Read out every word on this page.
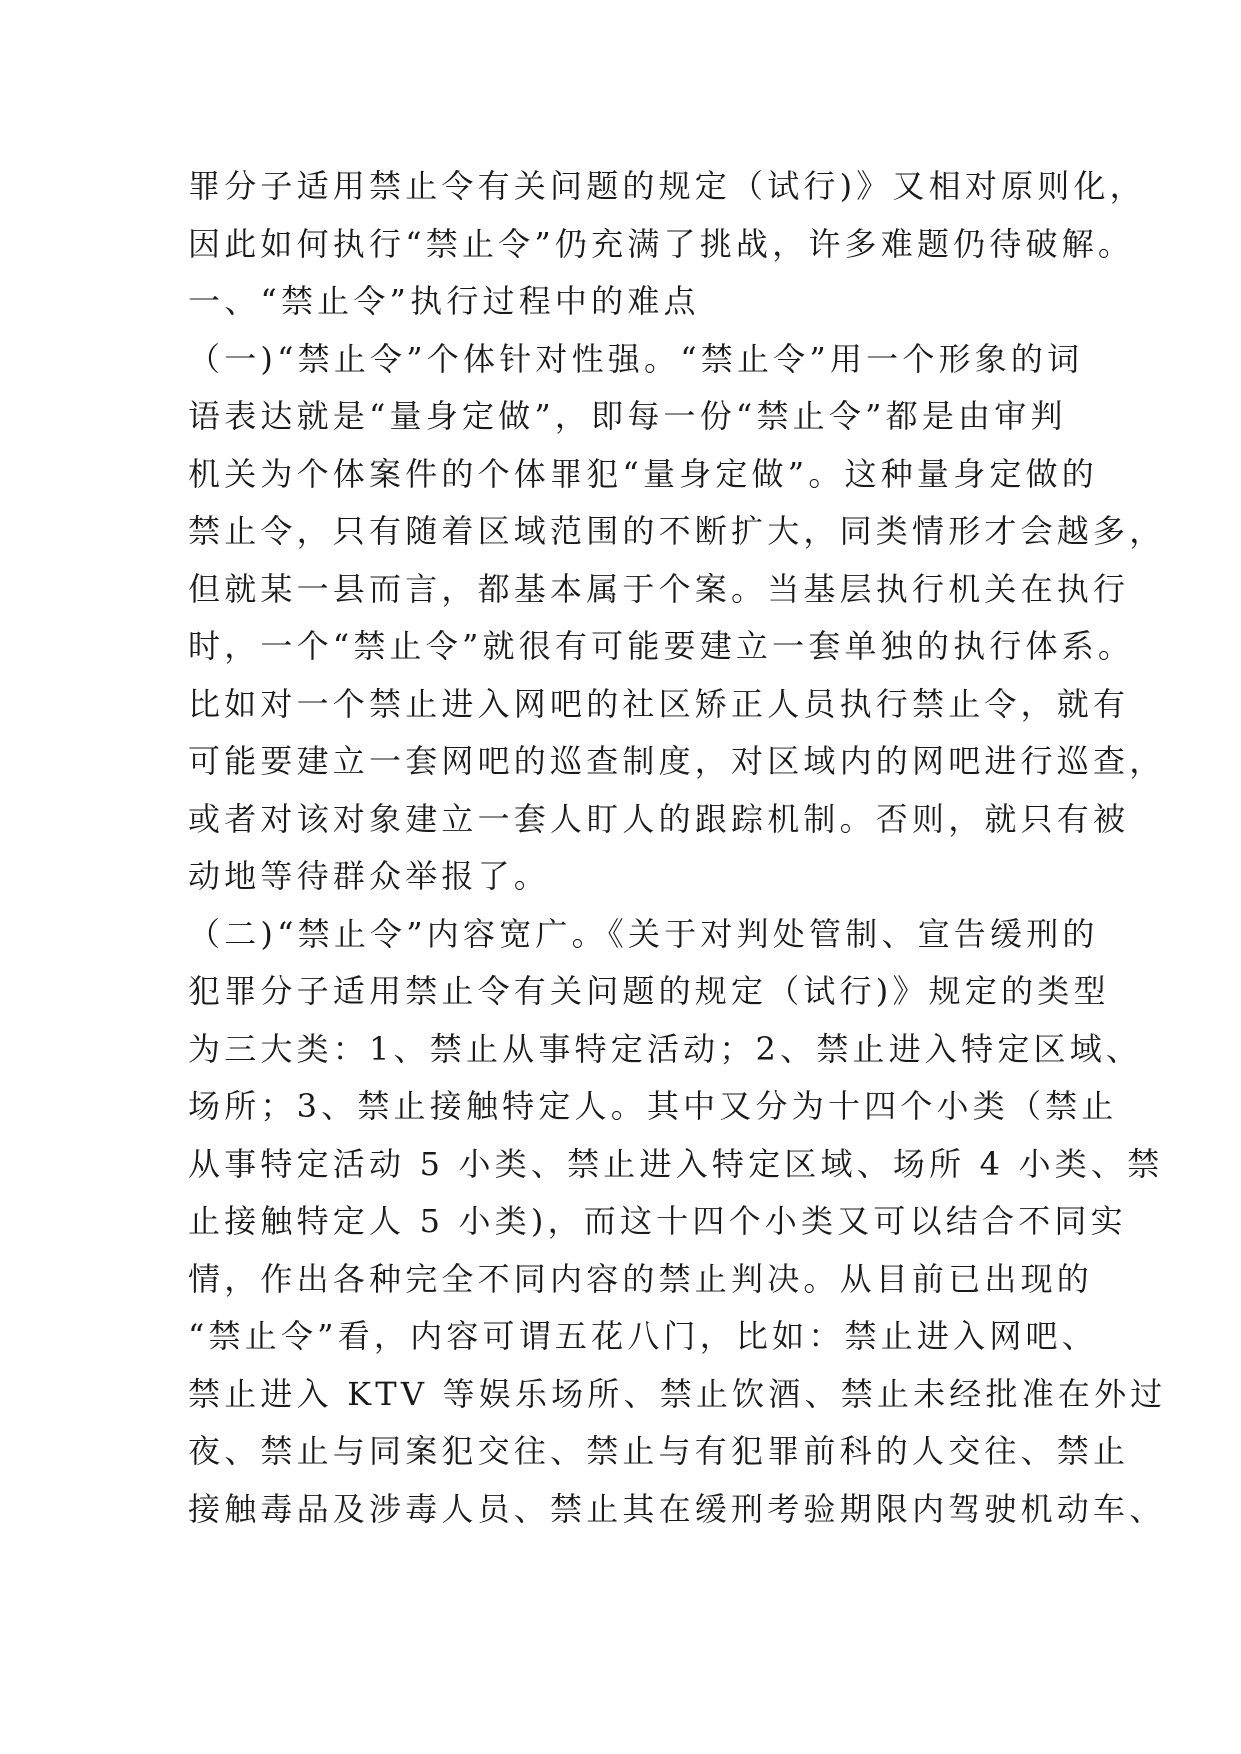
罪分子适用禁止令有关问题的规定（试行)》又相对原则化，
因此如何执行“禁止令”仍充满了挑战，许多难题仍待破解。
一、“禁止令”执行过程中的难点
（一)“禁止令”个体针对性强。“禁止令”用一个形象的词
语表达就是“量身定做”，即每一份“禁止令”都是由审判
机关为个体案件的个体罪犯“量身定做”。这种量身定做的
禁止令，只有随着区域范围的不断扩大，同类情形才会越多，
但就某一县而言，都基本属于个案。当基层执行机关在执行
时，一个“禁止令”就很有可能要建立一套单独的执行体系。
比如对一个禁止进入网吧的社区矫正人员执行禁止令，就有
可能要建立一套网吧的巡查制度，对区域内的网吧进行巡查，
或者对该对象建立一套人盯人的跟踪机制。否则，就只有被
动地等待群众举报了。
（二)“禁止令”内容宽广。《关于对判处管制、宣告缓刑的
犯罪分子适用禁止令有关问题的规定（试行)》规定的类型
为三大类：1、禁止从事特定活动；2、禁止进入特定区域、
场所；3、禁止接触特定人。其中又分为十四个小类（禁止
从事特定活动 5 小类、禁止进入特定区域、场所 4 小类、禁
止接触特定人 5 小类)，而这十四个小类又可以结合不同实
情，作出各种完全不同内容的禁止判决。从目前已出现的
“禁止令”看，内容可谓五花八门，比如：禁止进入网吧、
禁止进入 KTV 等娱乐场所、禁止饮酒、禁止未经批准在外过
夜、禁止与同案犯交往、禁止与有犯罪前科的人交往、禁止
接触毒品及涉毒人员、禁止其在缓刑考验期限内驾驶机动车、
